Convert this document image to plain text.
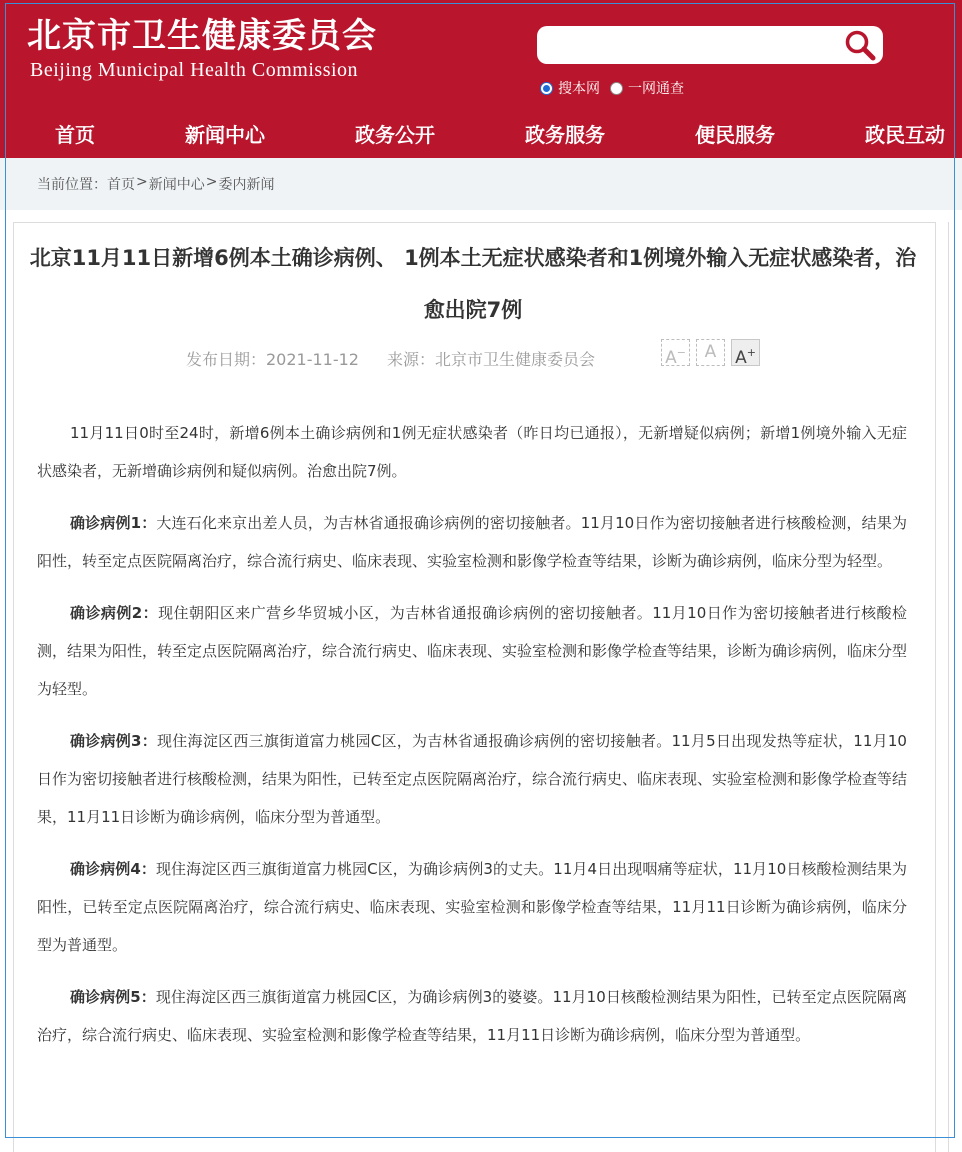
北京市卫生健康委员会
Beijing Municipal Health Commission
搜本网 一网通查
首页	新闻中心	政务公开	政务服务	便民服务	政民互动
当前位置： 首页 > 新闻中心 > 委内新闻
北京11月11日新增6例本土确诊病例、 1例本土无症状感染者和1例境外输入无症状感染者，治愈出院7例
发布日期：2021-11-12 来源：北京市卫生健康委员会	A−	A	A+

11月11日0时至24时，新增6例本土确诊病例和1例无症状感染者（昨日均已通报），无新增疑似病例；新增1例境外输入无症状感染者，无新增确诊病例和疑似病例。治愈出院7例。

确诊病例1：大连石化来京出差人员，为吉林省通报确诊病例的密切接触者。11月10日作为密切接触者进行核酸检测，结果为阳性，转至定点医院隔离治疗，综合流行病史、临床表现、实验室检测和影像学检查等结果，诊断为确诊病例，临床分型为轻型。

确诊病例2：现住朝阳区来广营乡华贸城小区，为吉林省通报确诊病例的密切接触者。11月10日作为密切接触者进行核酸检测，结果为阳性，转至定点医院隔离治疗，综合流行病史、临床表现、实验室检测和影像学检查等结果，诊断为确诊病例，临床分型为轻型。

确诊病例3：现住海淀区西三旗街道富力桃园C区，为吉林省通报确诊病例的密切接触者。11月5日出现发热等症状，11月10日作为密切接触者进行核酸检测，结果为阳性，已转至定点医院隔离治疗，综合流行病史、临床表现、实验室检测和影像学检查等结果，11月11日诊断为确诊病例，临床分型为普通型。

确诊病例4：现住海淀区西三旗街道富力桃园C区，为确诊病例3的丈夫。11月4日出现咽痛等症状，11月10日核酸检测结果为阳性，已转至定点医院隔离治疗，综合流行病史、临床表现、实验室检测和影像学检查等结果，11月11日诊断为确诊病例，临床分型为普通型。

确诊病例5：现住海淀区西三旗街道富力桃园C区，为确诊病例3的婆婆。11月10日核酸检测结果为阳性，已转至定点医院隔离治疗，综合流行病史、临床表现、实验室检测和影像学检查等结果，11月11日诊断为确诊病例，临床分型为普通型。
